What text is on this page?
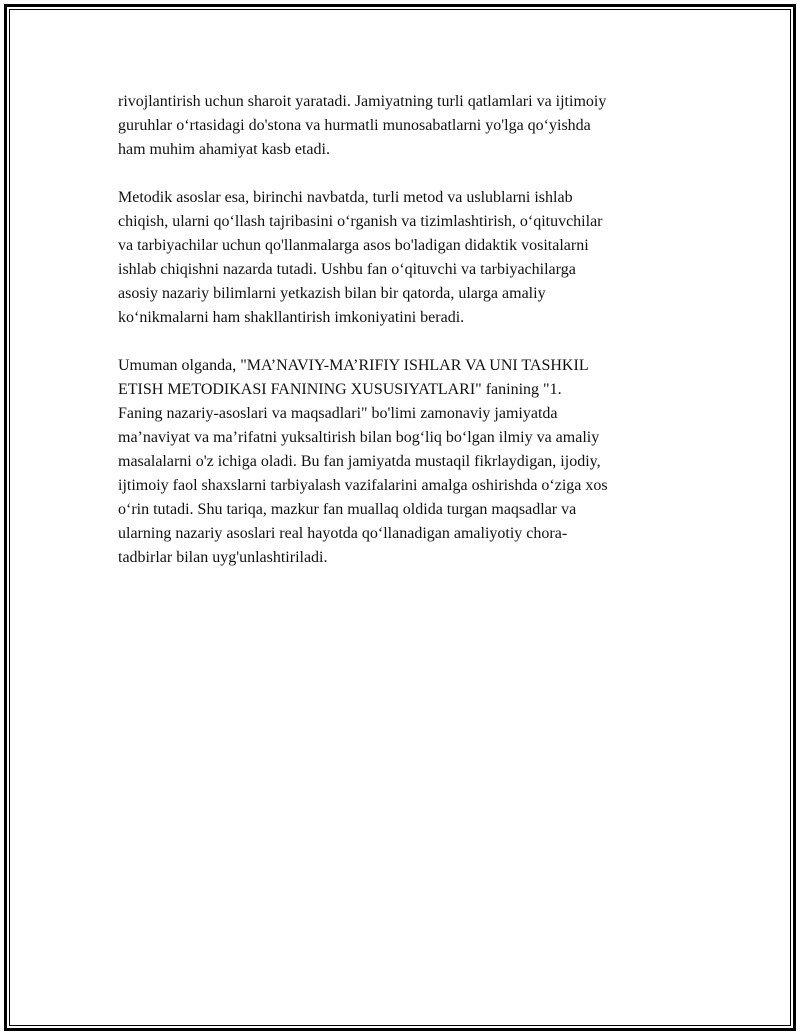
rivojlantirish uchun sharoit yaratadi. Jamiyatning turli qatlamlari va ijtimoiy
guruhlar o‘rtasidagi do'stona va hurmatli munosabatlarni yo'lga qo‘yishda
ham muhim ahamiyat kasb etadi.
Metodik asoslar esa, birinchi navbatda, turli metod va uslublarni ishlab
chiqish, ularni qo‘llash tajribasini o‘rganish va tizimlashtirish, o‘qituvchilar
va tarbiyachilar uchun qo'llanmalarga asos bo'ladigan didaktik vositalarni
ishlab chiqishni nazarda tutadi. Ushbu fan o‘qituvchi va tarbiyachilarga
asosiy nazariy bilimlarni yetkazish bilan bir qatorda, ularga amaliy
ko‘nikmalarni ham shakllantirish imkoniyatini beradi.
Umuman olganda, "MA’NAVIY-MA’RIFIY ISHLAR VA UNI TASHKIL
ETISH METODIKASI FANINING XUSUSIYATLARI" fanining "1.
Faning nazariy-asoslari va maqsadlari" bo'limi zamonaviy jamiyatda
ma’naviyat va ma’rifatni yuksaltirish bilan bog‘liq bo‘lgan ilmiy va amaliy
masalalarni o'z ichiga oladi. Bu fan jamiyatda mustaqil fikrlaydigan, ijodiy,
ijtimoiy faol shaxslarni tarbiyalash vazifalarini amalga oshirishda o‘ziga xos
o‘rin tutadi. Shu tariqa, mazkur fan muallaq oldida turgan maqsadlar va
ularning nazariy asoslari real hayotda qo‘llanadigan amaliyotiy chora-
tadbirlar bilan uyg'unlashtiriladi.
